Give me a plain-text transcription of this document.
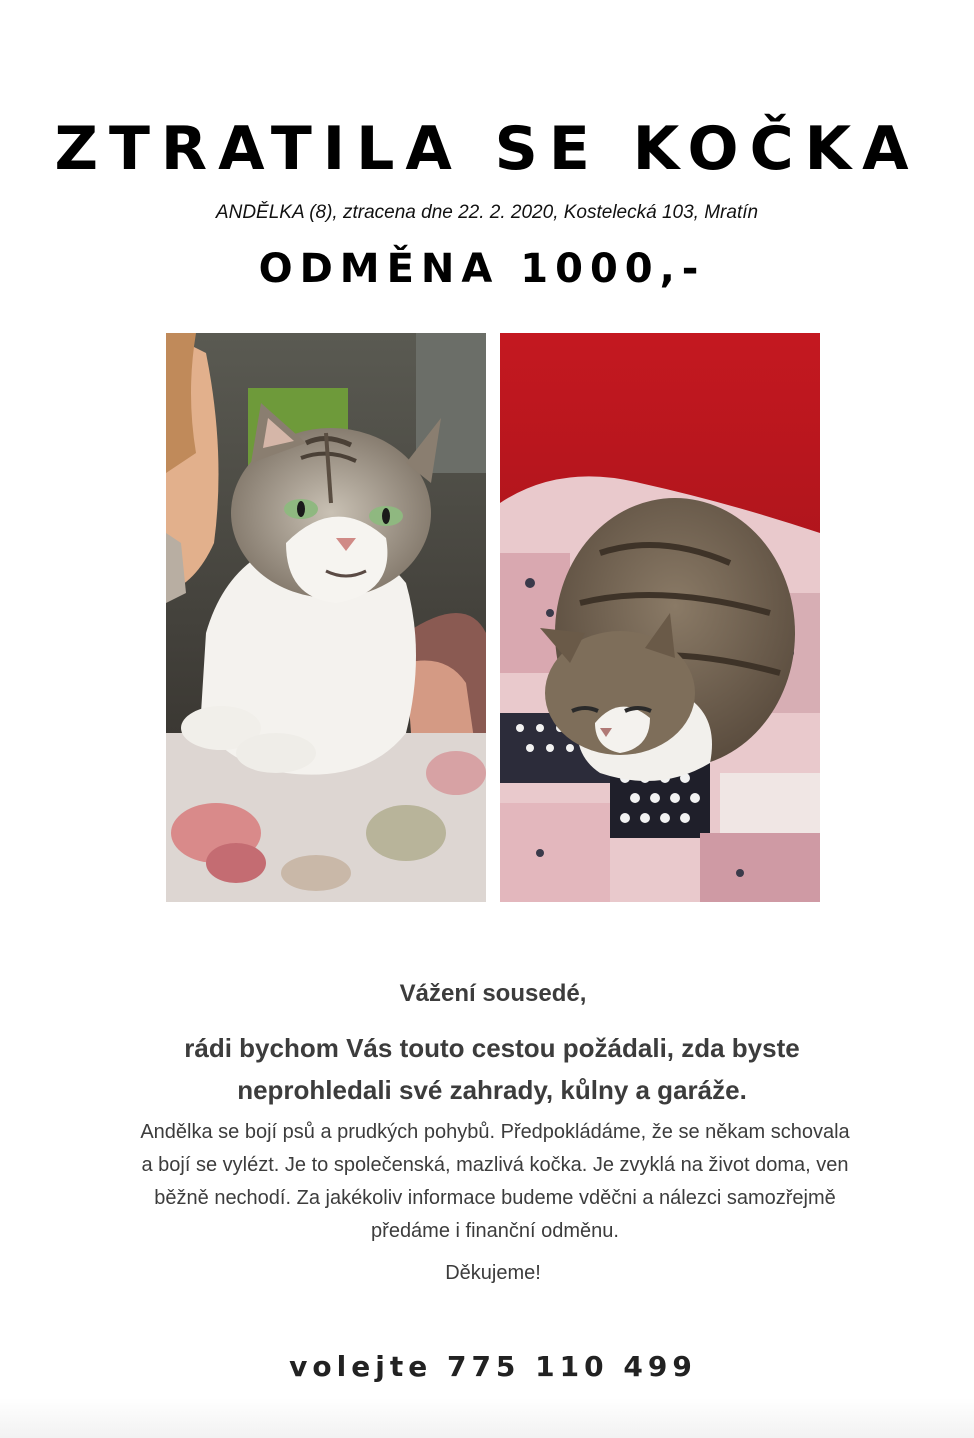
ZTRATILA SE KOČKA
ANDĚLKA (8), ztracena dne 22. 2. 2020, Kostelecká 103, Mratín
ODMĚNA 1000,-
Vážení sousedé,
rádi bychom Vás touto cestou požádali, zda byste
neprohledali své zahrady, kůlny a garáže.
Andělka se bojí psů a prudkých pohybů. Předpokládáme, že se někam schovala
a bojí se vylézt. Je to společenská, mazlivá kočka. Je zvyklá na život doma, ven
běžně nechodí. Za jakékoliv informace budeme vděčni a nálezci samozřejmě
předáme i finanční odměnu.
Děkujeme!
volejte 775 110 499
